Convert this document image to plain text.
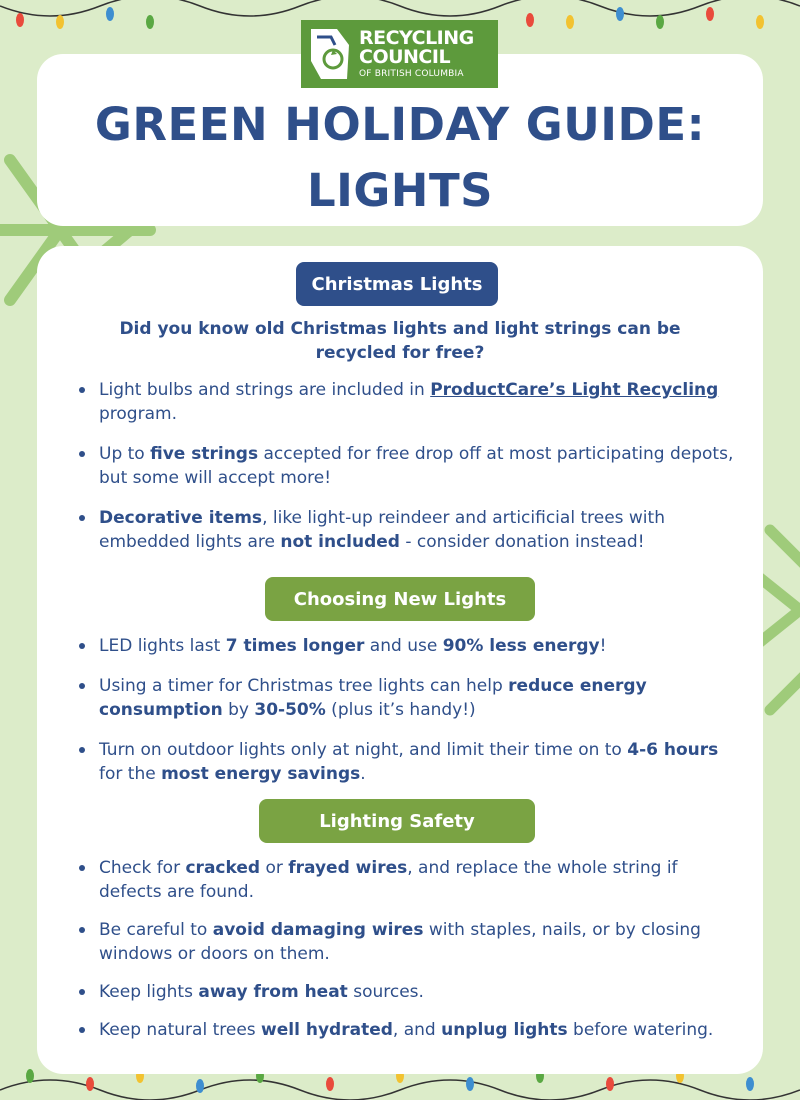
RECYCLING
COUNCIL
OF BRITISH COLUMBIA
GREEN HOLIDAY GUIDE:
LIGHTS
Christmas Lights
Did you know old Christmas lights and light strings can be recycled for free?
Light bulbs and strings are included in ProductCare’s Light Recycling program.
Up to five strings accepted for free drop off at most participating depots, but some will accept more!
Decorative items, like light-up reindeer and articificial trees with embedded lights are not included - consider donation instead!
Choosing New Lights
LED lights last 7 times longer and use 90% less energy!
Using a timer for Christmas tree lights can help reduce energy consumption by 30-50% (plus it’s handy!)
Turn on outdoor lights only at night, and limit their time on to 4-6 hours for the most energy savings.
Lighting Safety
Check for cracked or frayed wires, and replace the whole string if defects are found.
Be careful to avoid damaging wires with staples, nails, or by closing windows or doors on them.
Keep lights away from heat sources.
Keep natural trees well hydrated, and unplug lights before watering.
